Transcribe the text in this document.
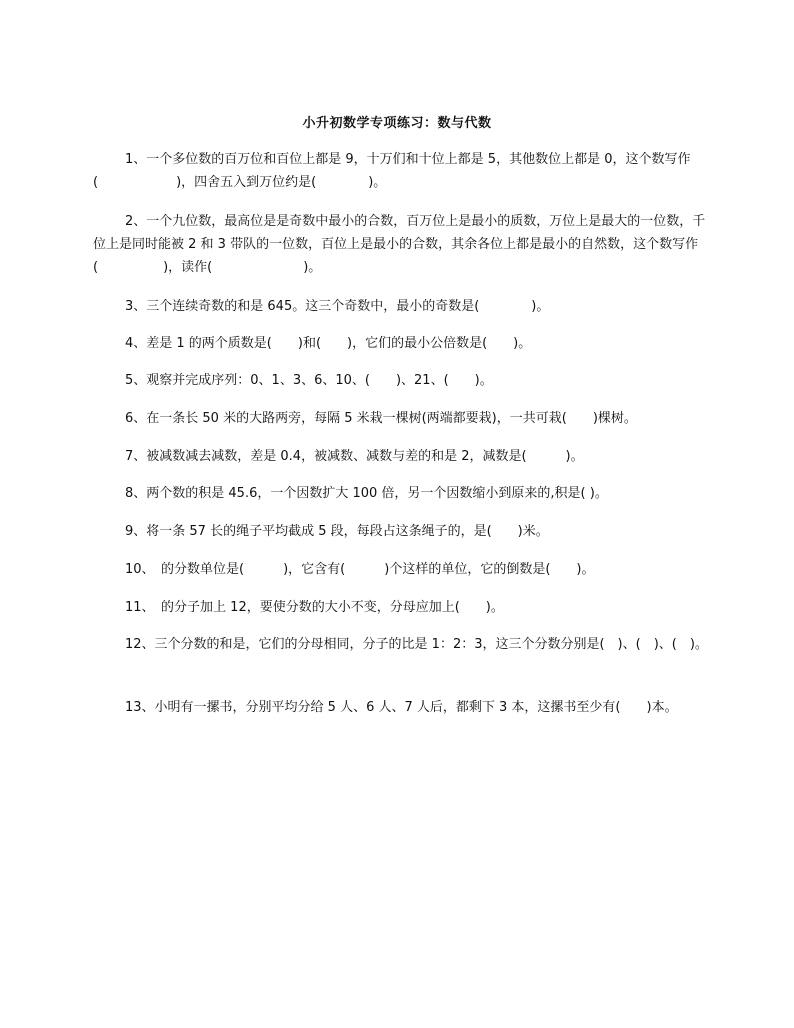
小升初数学专项练习：数与代数
1、一个多位数的百万位和百位上都是 9，十万们和十位上都是 5，其他数位上都是 0，这个数写作(　　　　　　)，四舍五入到万位约是(　　　　)。
2、一个九位数，最高位是是奇数中最小的合数，百万位上是最小的质数，万位上是最大的一位数，千位上是同时能被 2 和 3 带队的一位数，百位上是最小的合数，其余各位上都是最小的自然数，这个数写作(　　　　　)，读作(　　　　　　　)。
3、三个连续奇数的和是 645。这三个奇数中，最小的奇数是(　　　　)。
4、差是 1 的两个质数是(　　)和(　　)，它们的最小公倍数是(　　)。
5、观察并完成序列：0、1、3、6、10、(　　)、21、(　　)。
6、在一条长 50 米的大路两旁，每隔 5 米栽一棵树(两端都要栽)，一共可栽(　　)棵树。
7、被减数减去减数，差是 0.4，被减数、减数与差的和是 2，减数是(　　　)。
8、两个数的积是 45.6，一个因数扩大 100 倍，另一个因数缩小到原来的,积是( )。
9、将一条 57 长的绳子平均截成 5 段，每段占这条绳子的，是(　　)米。
10、　的分数单位是(　　　)，它含有(　　　)个这样的单位，它的倒数是(　　)。
11、　的分子加上 12，要使分数的大小不变，分母应加上(　　)。
12、三个分数的和是，它们的分母相同，分子的比是 1：2：3，这三个分数分别是(　)、(　)、(　)。
13、小明有一摞书，分别平均分给 5 人、6 人、7 人后，都剩下 3 本，这摞书至少有(　　)本。
